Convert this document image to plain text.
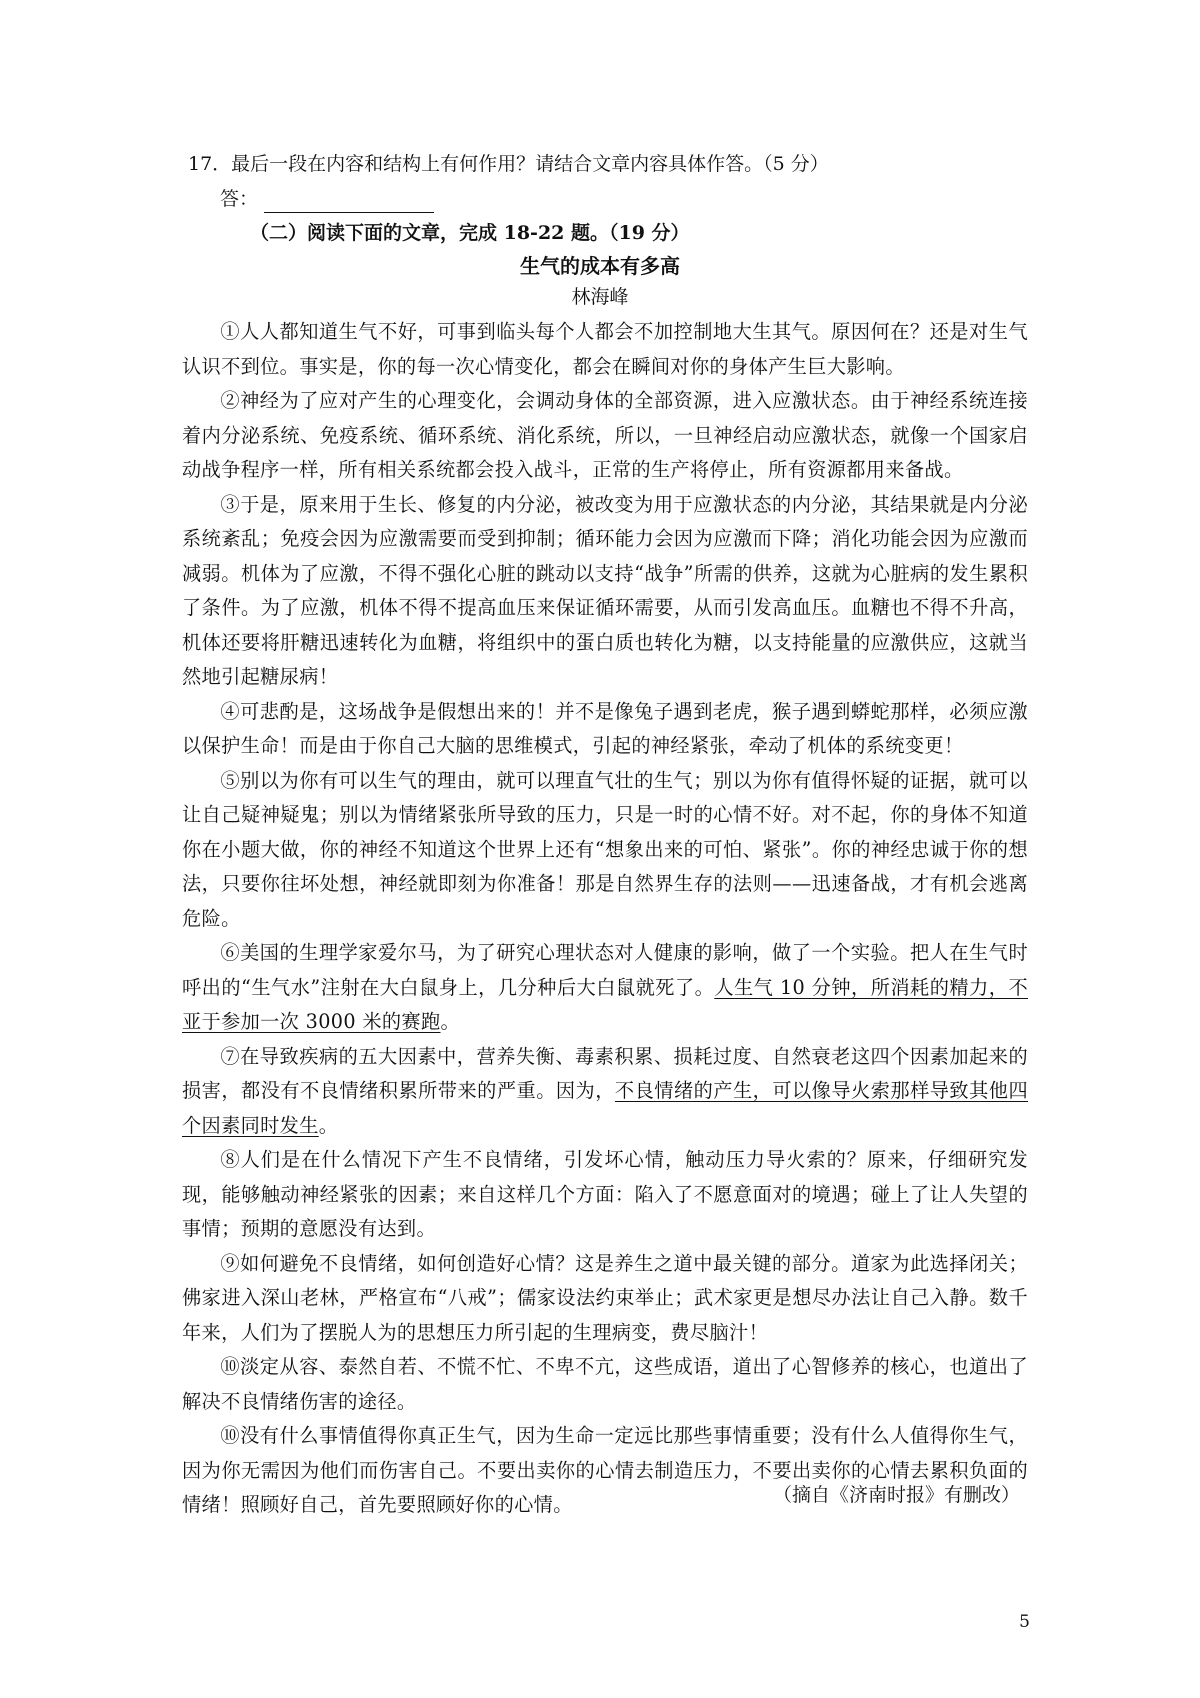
17．最后一段在内容和结构上有何作用？请结合文章内容具体作答。（5 分）
答：
（二）阅读下面的文章，完成 18-22 题。（19 分）
生气的成本有多高
林海峰

①人人都知道生气不好，可事到临头每个人都会不加控制地大生其气。原因何在？还是对生气认识不到位。事实是，你的每一次心情变化，都会在瞬间对你的身体产生巨大影响。

②神经为了应对产生的心理变化，会调动身体的全部资源，进入应激状态。由于神经系统连接着内分泌系统、免疫系统、循环系统、消化系统，所以，一旦神经启动应激状态，就像一个国家启动战争程序一样，所有相关系统都会投入战斗，正常的生产将停止，所有资源都用来备战。

③于是，原来用于生长、修复的内分泌，被改变为用于应激状态的内分泌，其结果就是内分泌系统紊乱；免疫会因为应激需要而受到抑制；循环能力会因为应激而下降；消化功能会因为应激而减弱。机体为了应激，不得不强化心脏的跳动以支持“战争”所需的供养，这就为心脏病的发生累积了条件。为了应激，机体不得不提高血压来保证循环需要，从而引发高血压。血糖也不得不升高，机体还要将肝糖迅速转化为血糖，将组织中的蛋白质也转化为糖，以支持能量的应激供应，这就当然地引起糖尿病！

④可悲酌是，这场战争是假想出来的！并不是像兔子遇到老虎，猴子遇到蟒蛇那样，必须应激以保护生命！而是由于你自己大脑的思维模式，引起的神经紧张，牵动了机体的系统变更！

⑤别以为你有可以生气的理由，就可以理直气壮的生气；别以为你有值得怀疑的证据，就可以让自己疑神疑鬼；别以为情绪紧张所导致的压力，只是一时的心情不好。对不起，你的身体不知道你在小题大做，你的神经不知道这个世界上还有“想象出来的可怕、紧张”。你的神经忠诚于你的想法，只要你往坏处想，神经就即刻为你准备！那是自然界生存的法则——迅速备战，才有机会逃离危险。

⑥美国的生理学家爱尔马，为了研究心理状态对人健康的影响，做了一个实验。把人在生气时呼出的“生气水”注射在大白鼠身上，几分种后大白鼠就死了。人生气 10 分钟，所消耗的精力，不亚于参加一次 3000 米的赛跑。

⑦在导致疾病的五大因素中，营养失衡、毒素积累、损耗过度、自然衰老这四个因素加起来的损害，都没有不良情绪积累所带来的严重。因为，不良情绪的产生，可以像导火索那样导致其他四个因素同时发生。

⑧人们是在什么情况下产生不良情绪，引发坏心情，触动压力导火索的？原来，仔细研究发现，能够触动神经紧张的因素；来自这样几个方面：陷入了不愿意面对的境遇；碰上了让人失望的事情；预期的意愿没有达到。

⑨如何避免不良情绪，如何创造好心情？这是养生之道中最关键的部分。道家为此选择闭关；佛家进入深山老林，严格宣布“八戒”；儒家设法约束举止；武术家更是想尽办法让自己入静。数千年来，人们为了摆脱人为的思想压力所引起的生理病变，费尽脑汁！

⑩淡定从容、泰然自若、不慌不忙、不卑不亢，这些成语，道出了心智修养的核心，也道出了解决不良情绪伤害的途径。

⑩没有什么事情值得你真正生气，因为生命一定远比那些事情重要；没有什么人值得你生气，因为你无需因为他们而伤害自己。不要出卖你的心情去制造压力，不要出卖你的心情去累积负面的情绪！照顾好自己，首先要照顾好你的心情。	（摘自《济南时报》有删改）
5
